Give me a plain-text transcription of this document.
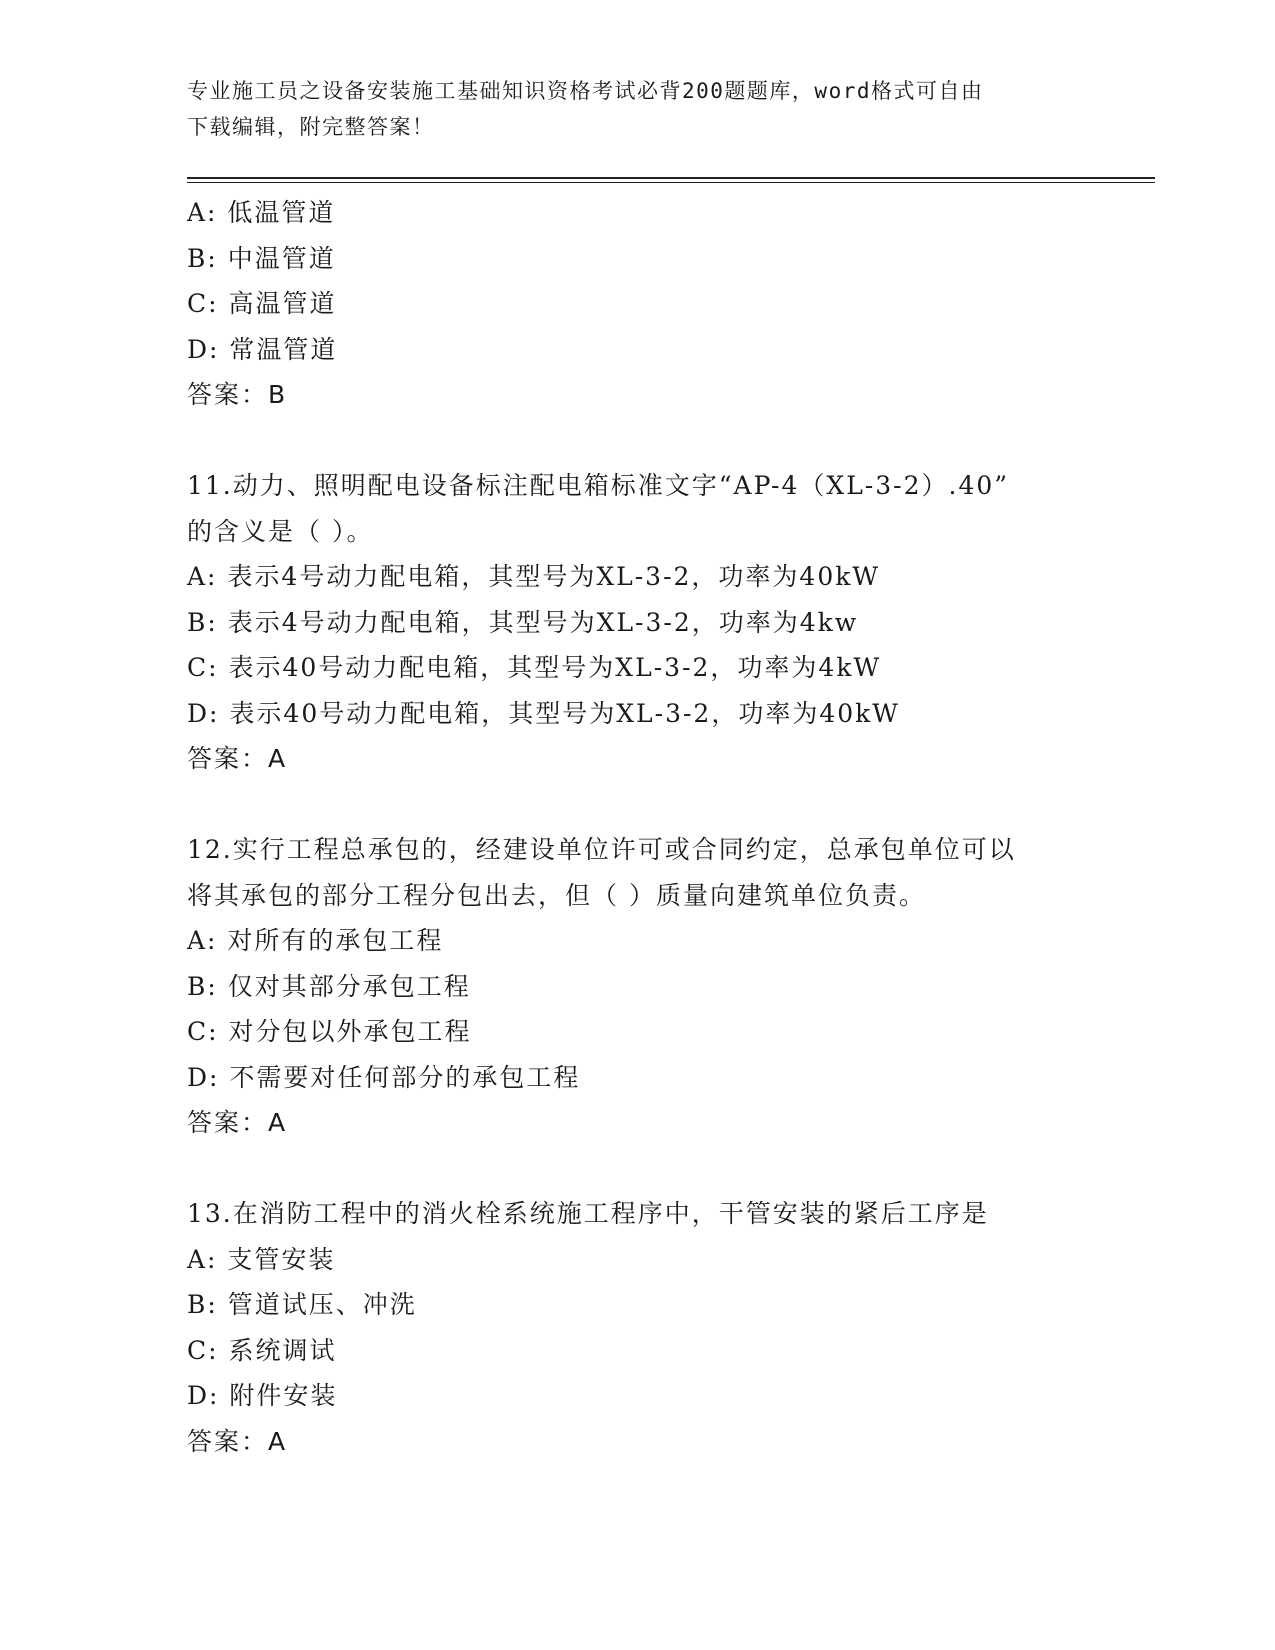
专业施工员之设备安装施工基础知识资格考试必背200题题库，word格式可自由
下载编辑，附完整答案！
A: 低温管道
B: 中温管道
C: 高温管道
D: 常温管道
答案：B
11.动力、照明配电设备标注配电箱标准文字“AP-4（XL-3-2）.40”
的含义是（ ）。
A: 表示4号动力配电箱，其型号为XL-3-2，功率为40kW
B: 表示4号动力配电箱，其型号为XL-3-2，功率为4kw
C: 表示40号动力配电箱，其型号为XL-3-2，功率为4kW
D: 表示40号动力配电箱，其型号为XL-3-2，功率为40kW
答案：A
12.实行工程总承包的，经建设单位许可或合同约定，总承包单位可以
将其承包的部分工程分包出去，但（ ）质量向建筑单位负责。
A: 对所有的承包工程
B: 仅对其部分承包工程
C: 对分包以外承包工程
D: 不需要对任何部分的承包工程
答案：A
13.在消防工程中的消火栓系统施工程序中，干管安装的紧后工序是
A: 支管安装
B: 管道试压、冲洗
C: 系统调试
D: 附件安装
答案：A
